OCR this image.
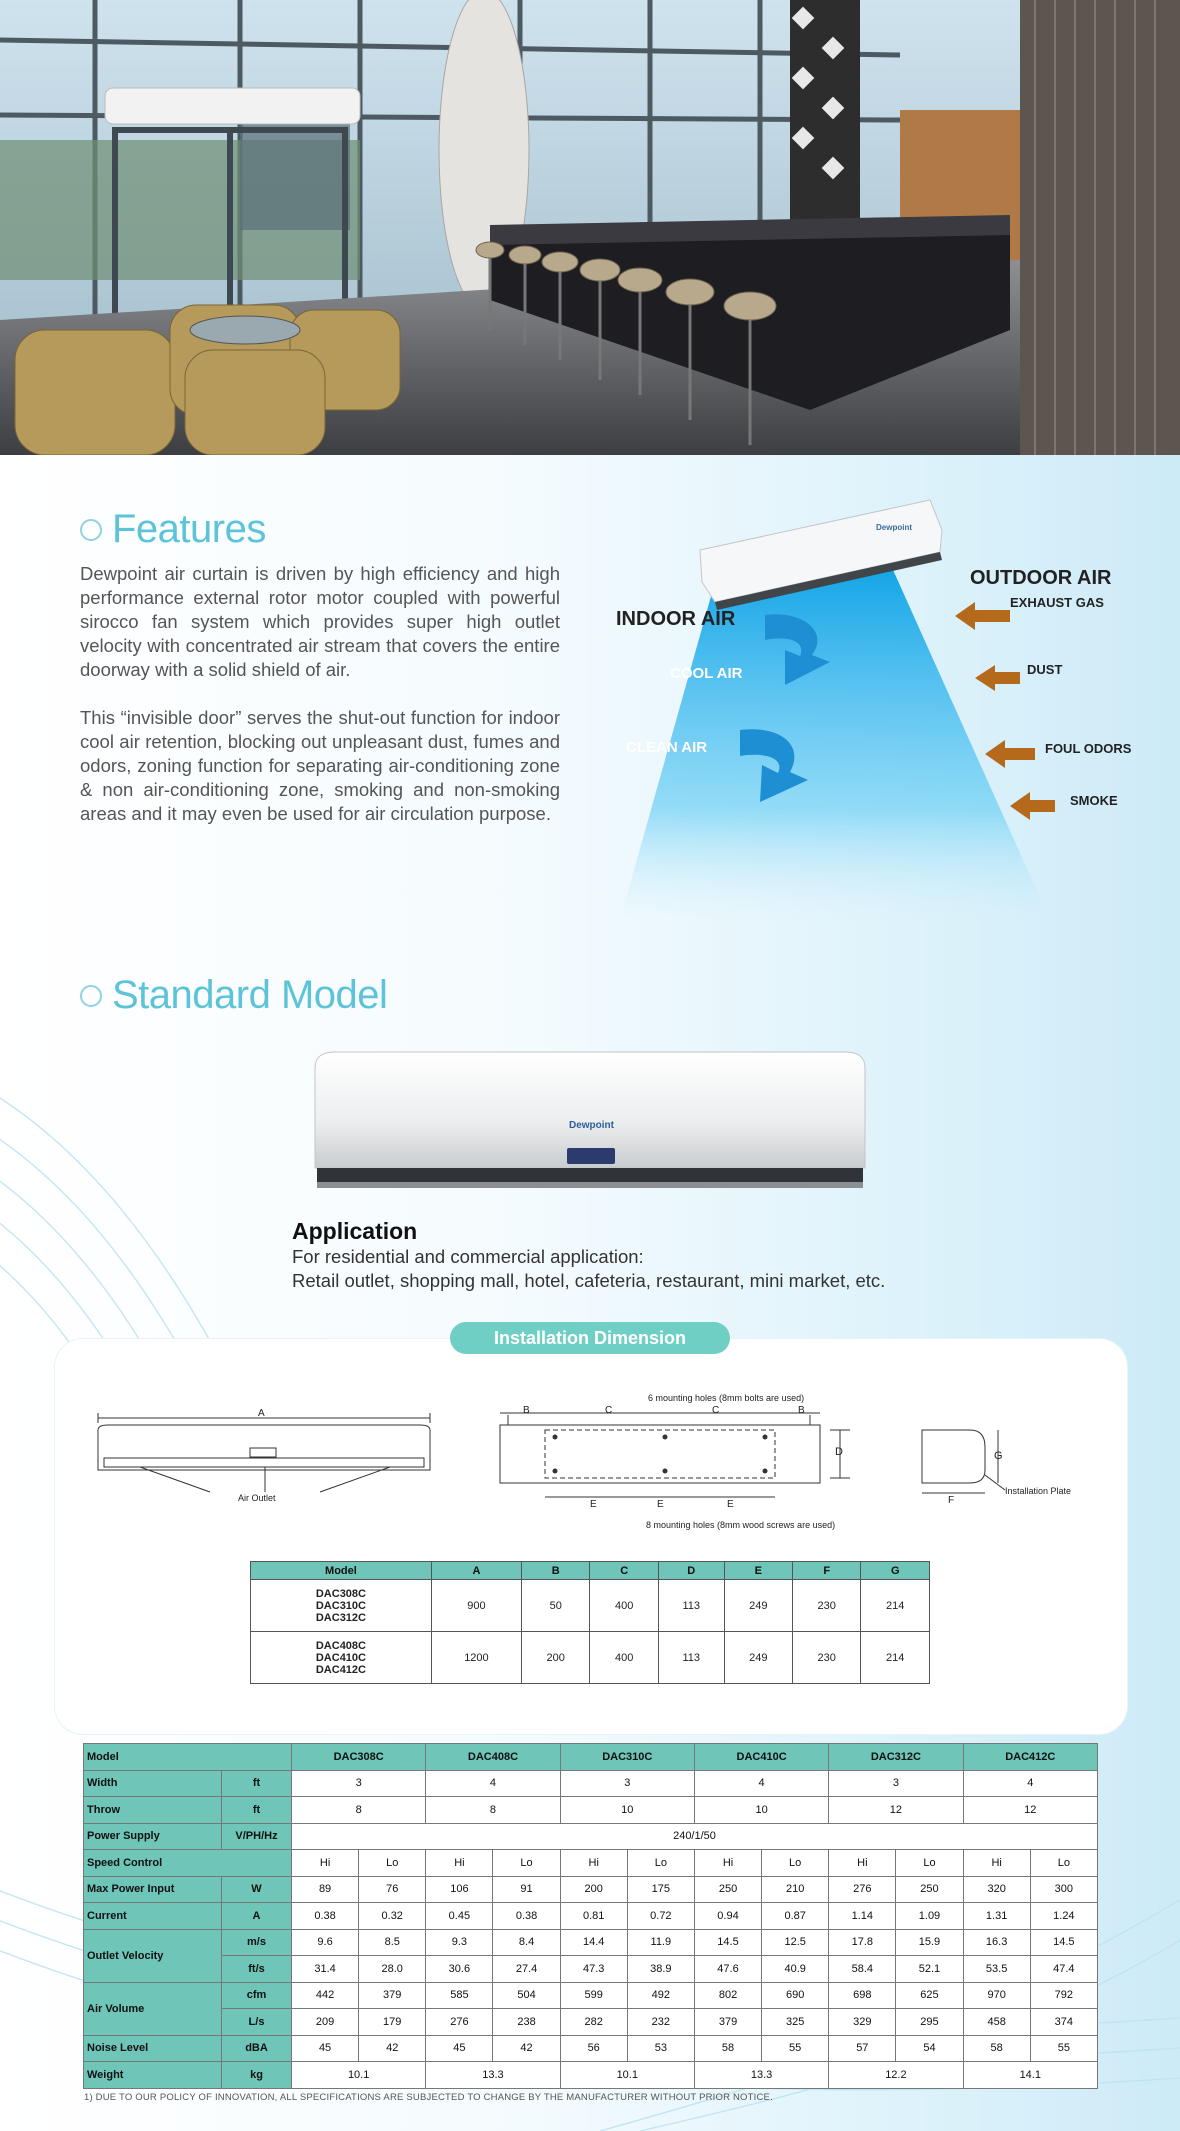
Features

Dewpoint air curtain is driven by high efficiency and high performance external rotor motor coupled with powerful sirocco fan system which provides super high outlet velocity with concentrated air stream that covers the entire doorway with a solid shield of air.

This “invisible door” serves the shut-out function for indoor cool air retention, blocking out unpleasant dust, fumes and odors, zoning function for separating air-conditioning zone & non air-conditioning zone, smoking and non-smoking areas and it may even be used for air circulation purpose.

Dewpoint
OUTDOOR AIR
INDOOR AIR
EXHAUST GAS
DUST
COOL AIR
CLEAN AIR	FOUL ODORS
SMOKE
Standard Model
Dewpoint
Application
For residential and commercial application:
Retail outlet, shopping mall, hotel, cafeteria, restaurant, mini market, etc.
Installation Dimension
A
Air Outlet
6 mounting holes (8mm bolts are used)
B	C	C	B
D
E	E	E
8 mounting holes (8mm wood screws are used)
G
F
Installation Plate
Model	A	B	C	D	E	F	G

DAC308C
DAC310C
DAC312C	900	50	400	113	249	230	214

DAC408C
DAC410C
DAC412C	1200	200	400	113	249	230	214
Model		DAC308C		DAC408C		DAC310C		DAC410C		DAC312C		DAC412C	
Width	ft	3		4		3		4		3		4	
Throw	ft	8		8		10		10		12		12	
Power Supply	V/PH/Hz	240/1/50											
Speed Control		Hi	Lo	Hi	Lo	Hi	Lo	Hi	Lo	Hi	Lo	Hi	Lo
Max Power Input	W	89	76	106	91	200	175	250	210	276	250	320	300
Current	A	0.38	0.32	0.45	0.38	0.81	0.72	0.94	0.87	1.14	1.09	1.31	1.24
Outlet Velocity	m/s	9.6	8.5	9.3	8.4	14.4	11.9	14.5	12.5	17.8	15.9	16.3	14.5
	ft/s	31.4	28.0	30.6	27.4	47.3	38.9	47.6	40.9	58.4	52.1	53.5	47.4
Air Volume	cfm	442	379	585	504	599	492	802	690	698	625	970	792
	L/s	209	179	276	238	282	232	379	325	329	295	458	374
Noise Level	dBA	45	42	45	42	56	53	58	55	57	54	58	55
Weight	kg	10.1		13.3		10.1		13.3		12.2		14.1	
1) DUE TO OUR POLICY OF INNOVATION, ALL SPECIFICATIONS ARE SUBJECTED TO CHANGE BY THE MANUFACTURER WITHOUT PRIOR NOTICE.
